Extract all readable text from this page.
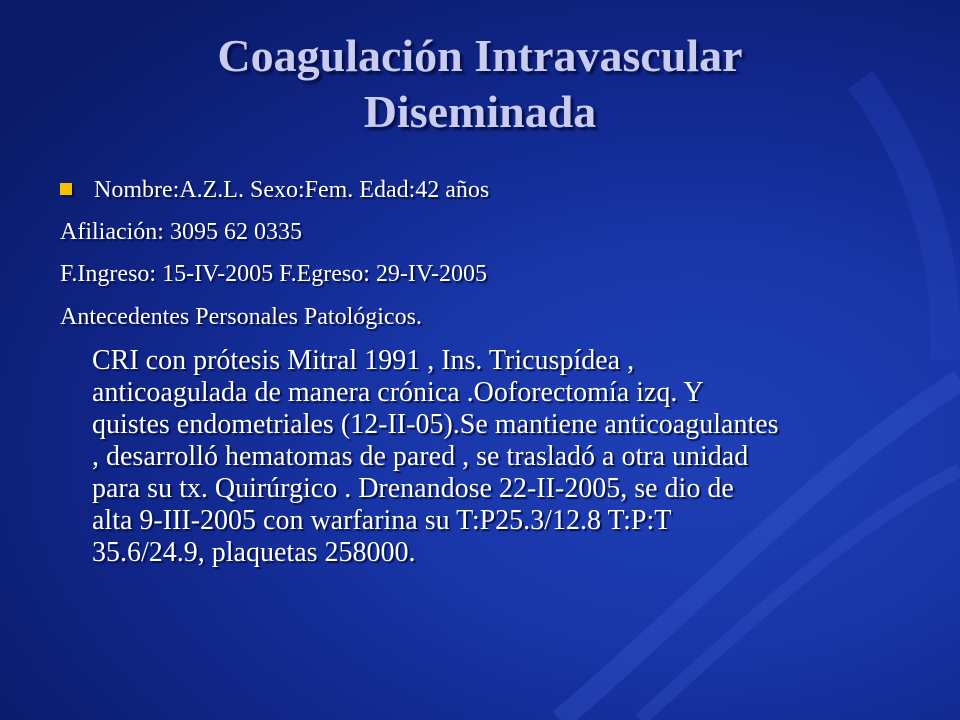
Coagulación Intravascular
Diseminada
Nombre:A.Z.L. Sexo:Fem. Edad:42 años
Afiliación: 3095 62 0335
F.Ingreso: 15-IV-2005 F.Egreso: 29-IV-2005
Antecedentes Personales Patológicos.
CRI con prótesis Mitral 1991 , Ins. Tricuspídea ,
anticoagulada de manera crónica .Ooforectomía izq. Y
quistes endometriales (12-II-05).Se mantiene anticoagulantes
, desarrolló hematomas de pared , se trasladó a otra unidad
para su tx. Quirúrgico . Drenandose 22-II-2005, se dio de
alta 9-III-2005 con warfarina su T:P25.3/12.8 T:P:T
35.6/24.9, plaquetas 258000.
